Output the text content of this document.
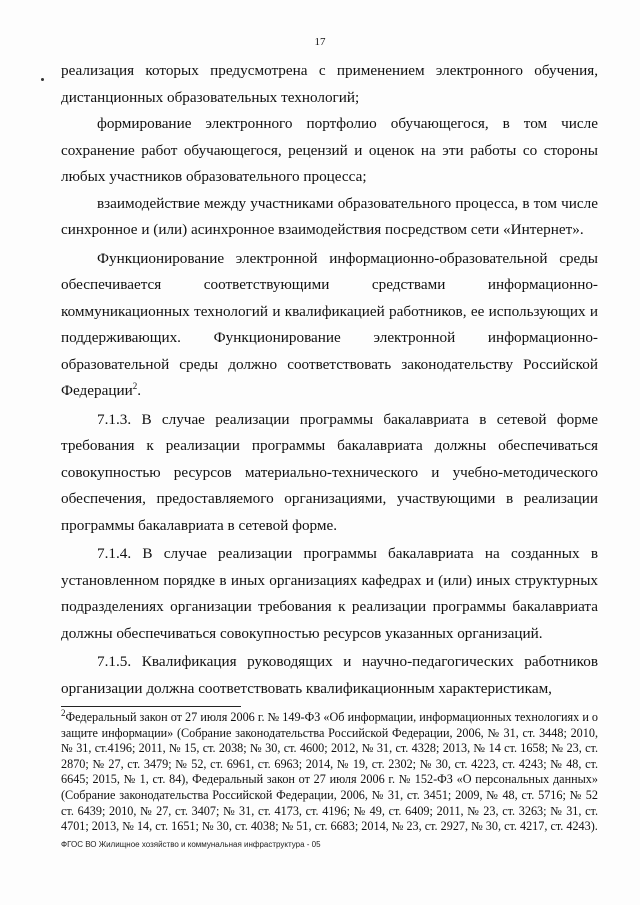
17

реализация которых предусмотрена с применением электронного обучения, дистанционных образовательных технологий;

формирование электронного портфолио обучающегося, в том числе сохранение работ обучающегося, рецензий и оценок на эти работы со стороны любых участников образовательного процесса;

взаимодействие между участниками образовательного процесса, в том числе синхронное и (или) асинхронное взаимодействия посредством сети «Интернет».

Функционирование электронной информационно-образовательной среды обеспечивается соответствующими средствами информационно-коммуникационных технологий и квалификацией работников, ее использующих и поддерживающих. Функционирование электронной информационно-образовательной среды должно соответствовать законодательству Российской Федерации$^2$.

7.1.3. В случае реализации программы бакалавриата в сетевой форме требования к реализации программы бакалавриата должны обеспечиваться совокупностью ресурсов материально-технического и учебно-методического обеспечения, предоставляемого организациями, участвующими в реализации программы бакалавриата в сетевой форме.

7.1.4. В случае реализации программы бакалавриата на созданных в установленном порядке в иных организациях кафедрах и (или) иных структурных подразделениях организации требования к реализации программы бакалавриата должны обеспечиваться совокупностью ресурсов указанных организаций.

7.1.5. Квалификация руководящих и научно-педагогических работников организации должна соответствовать квалификационным характеристикам,

$^2$Федеральный закон от 27 июля 2006 г. № 149-ФЗ «Об информации, информационных технологиях и о защите информации» (Собрание законодательства Российской Федерации, 2006, № 31, ст. 3448; 2010, № 31, ст.4196; 2011, № 15, ст. 2038; № 30, ст. 4600; 2012, № 31, ст. 4328; 2013, № 14 ст. 1658; № 23, ст. 2870; № 27, ст. 3479; № 52, ст. 6961, ст. 6963; 2014, № 19, ст. 2302; № 30, ст. 4223, ст. 4243; № 48, ст. 6645; 2015, № 1, ст. 84), Федеральный закон от 27 июля 2006 г. № 152-ФЗ «О персональных данных» (Собрание законодательства Российской Федерации, 2006, № 31, ст. 3451; 2009, № 48, ст. 5716; № 52 ст. 6439; 2010, № 27, ст. 3407; № 31, ст. 4173, ст. 4196; № 49, ст. 6409; 2011, № 23, ст. 3263; № 31, ст. 4701; 2013, № 14, ст. 1651; № 30, ст. 4038; № 51, ст. 6683; 2014, № 23, ст. 2927, № 30, ст. 4217, ст. 4243).
ФГОС ВО Жилищное хозяйство и коммунальная инфраструктура - 05
